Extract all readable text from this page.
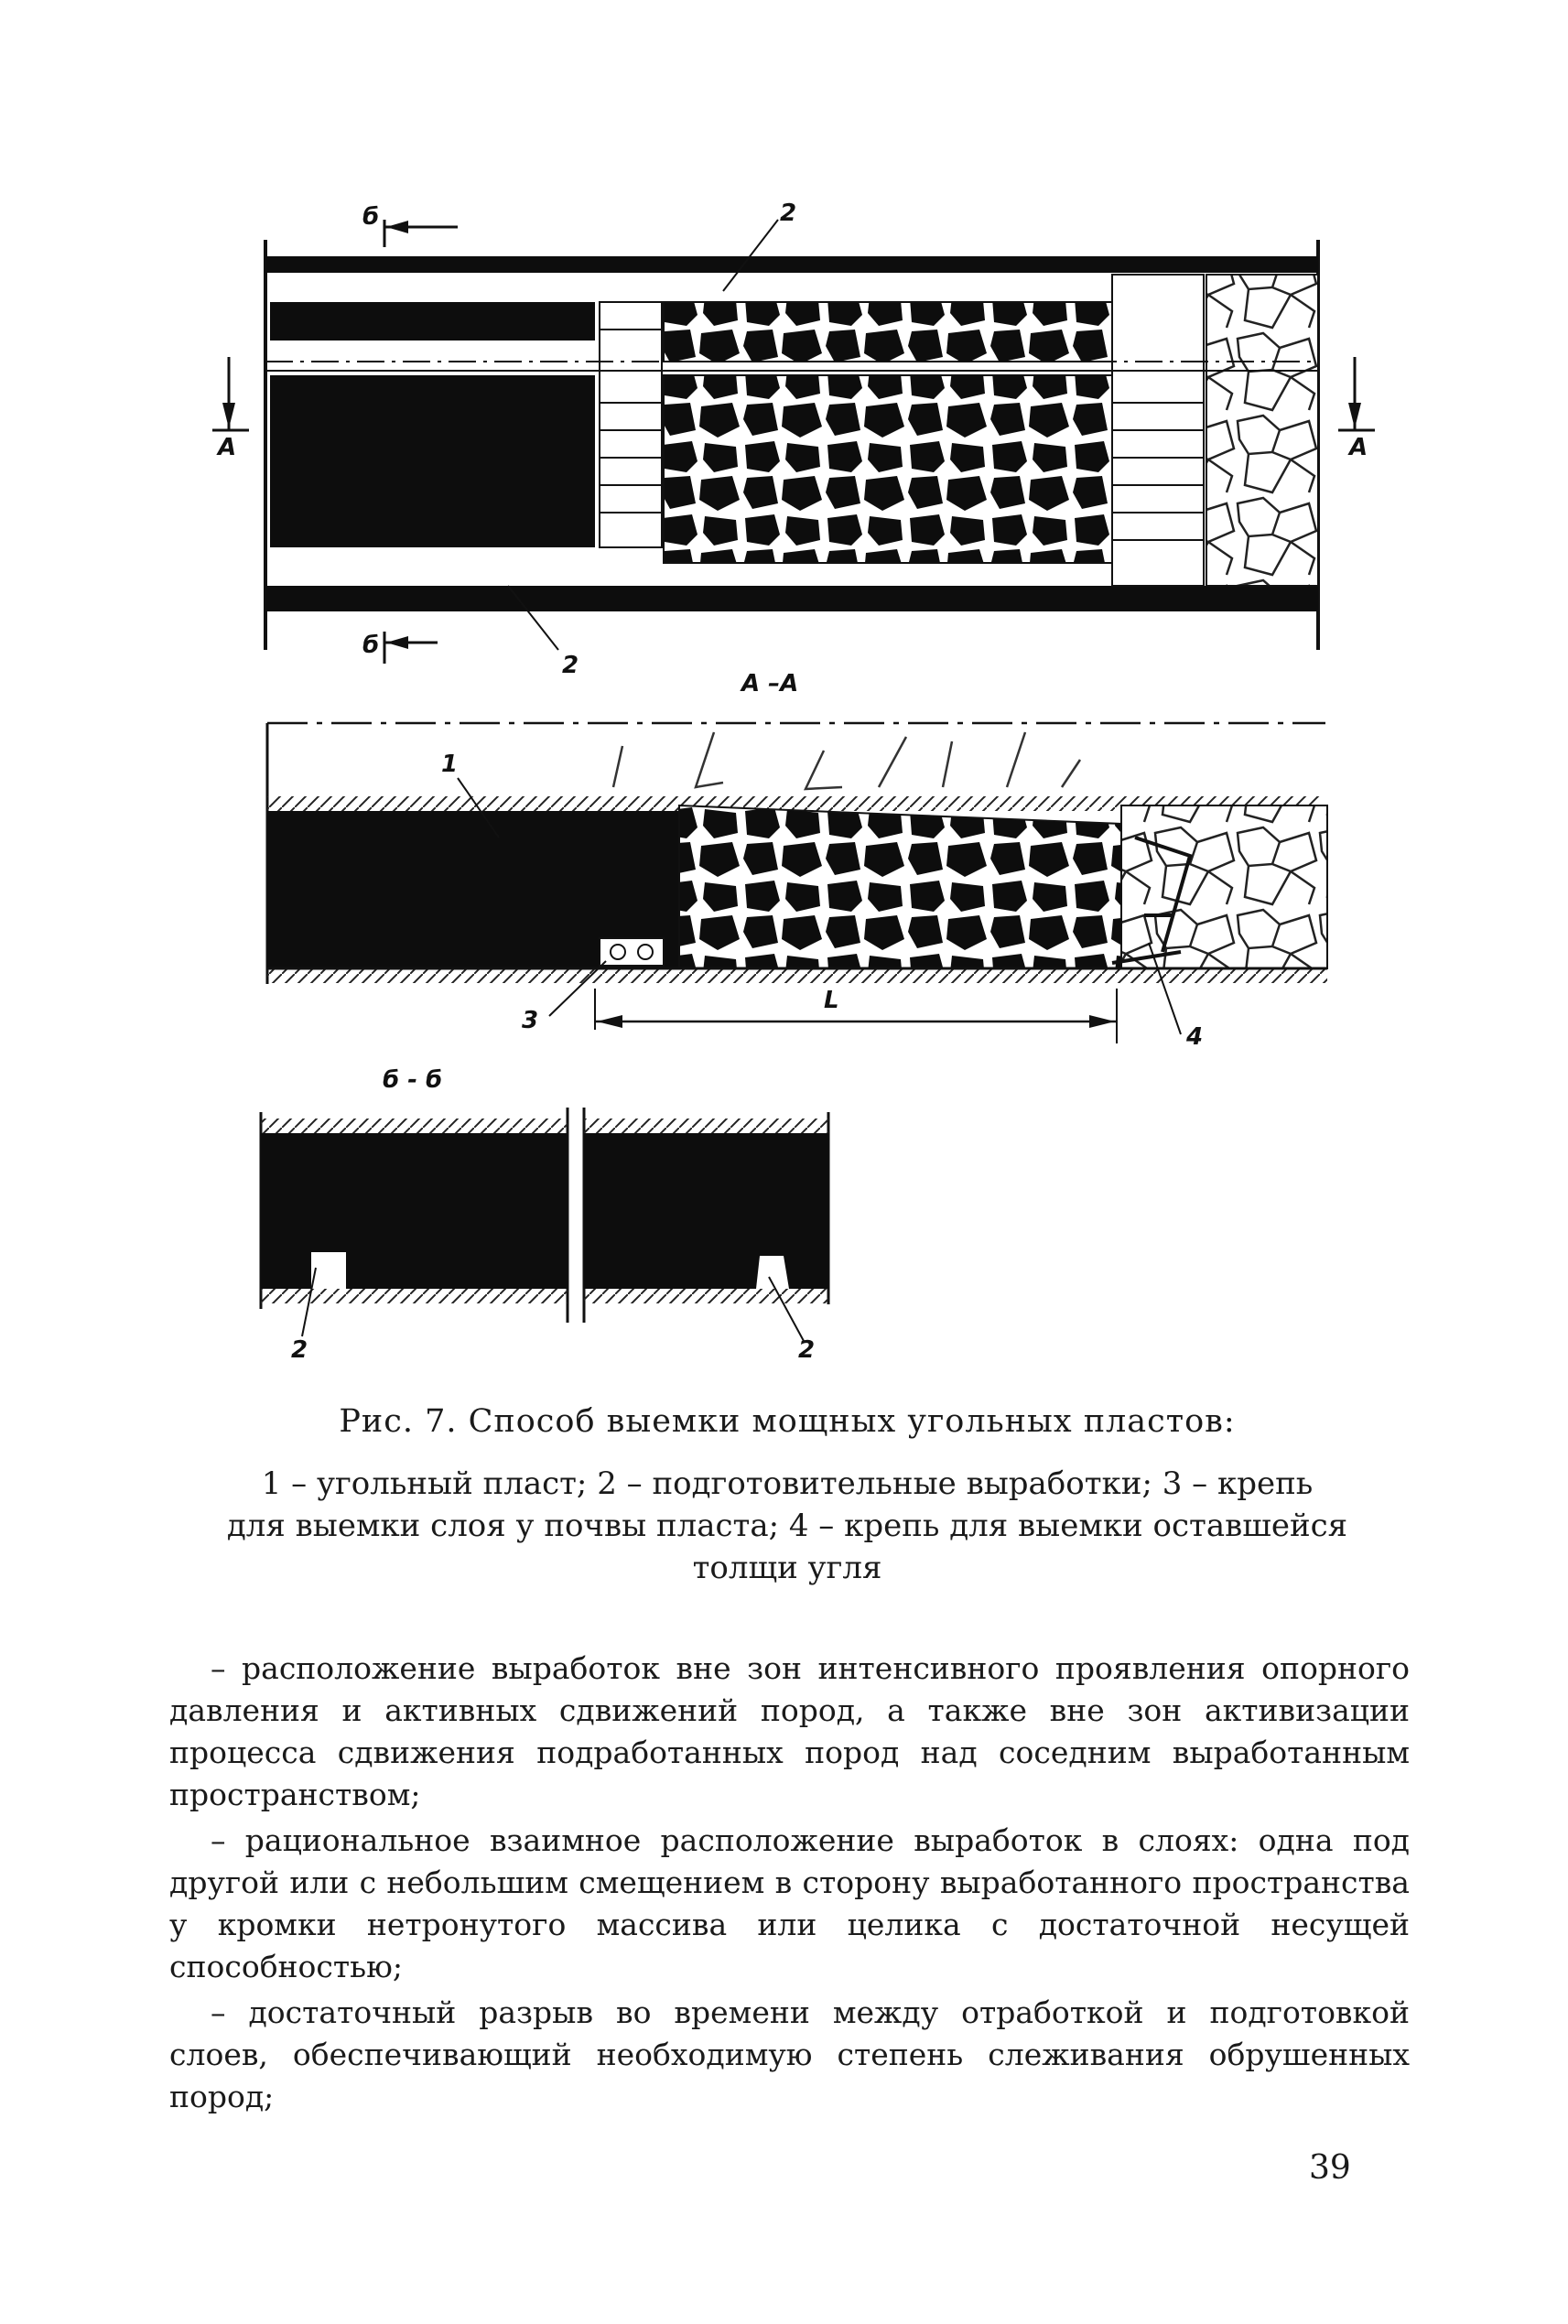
б	2
А	А
б
2
А –А
1
3
L
4
б - б
2	2
Рис. 7. Способ выемки мощных угольных пластов:
1 – угольный пласт; 2 – подготовительные выработки; 3 – крепь
для выемки слоя у почвы пласта; 4 – крепь для выемки оставшейся
толщи угля

– расположение выработок вне зон интенсивного проявления опорного давления и активных сдвижений пород, а также вне зон активизации процесса сдвижения подработанных пород над соседним выработанным пространством;

– рациональное взаимное расположение выработок в слоях: одна под другой или с небольшим смещением в сторону выработанного пространства у кромки нетронутого массива или целика с достаточной несущей способностью;

– достаточный разрыв во времени между отработкой и подготовкой слоев, обеспечивающий необходимую степень слеживания обрушенных пород;

39
